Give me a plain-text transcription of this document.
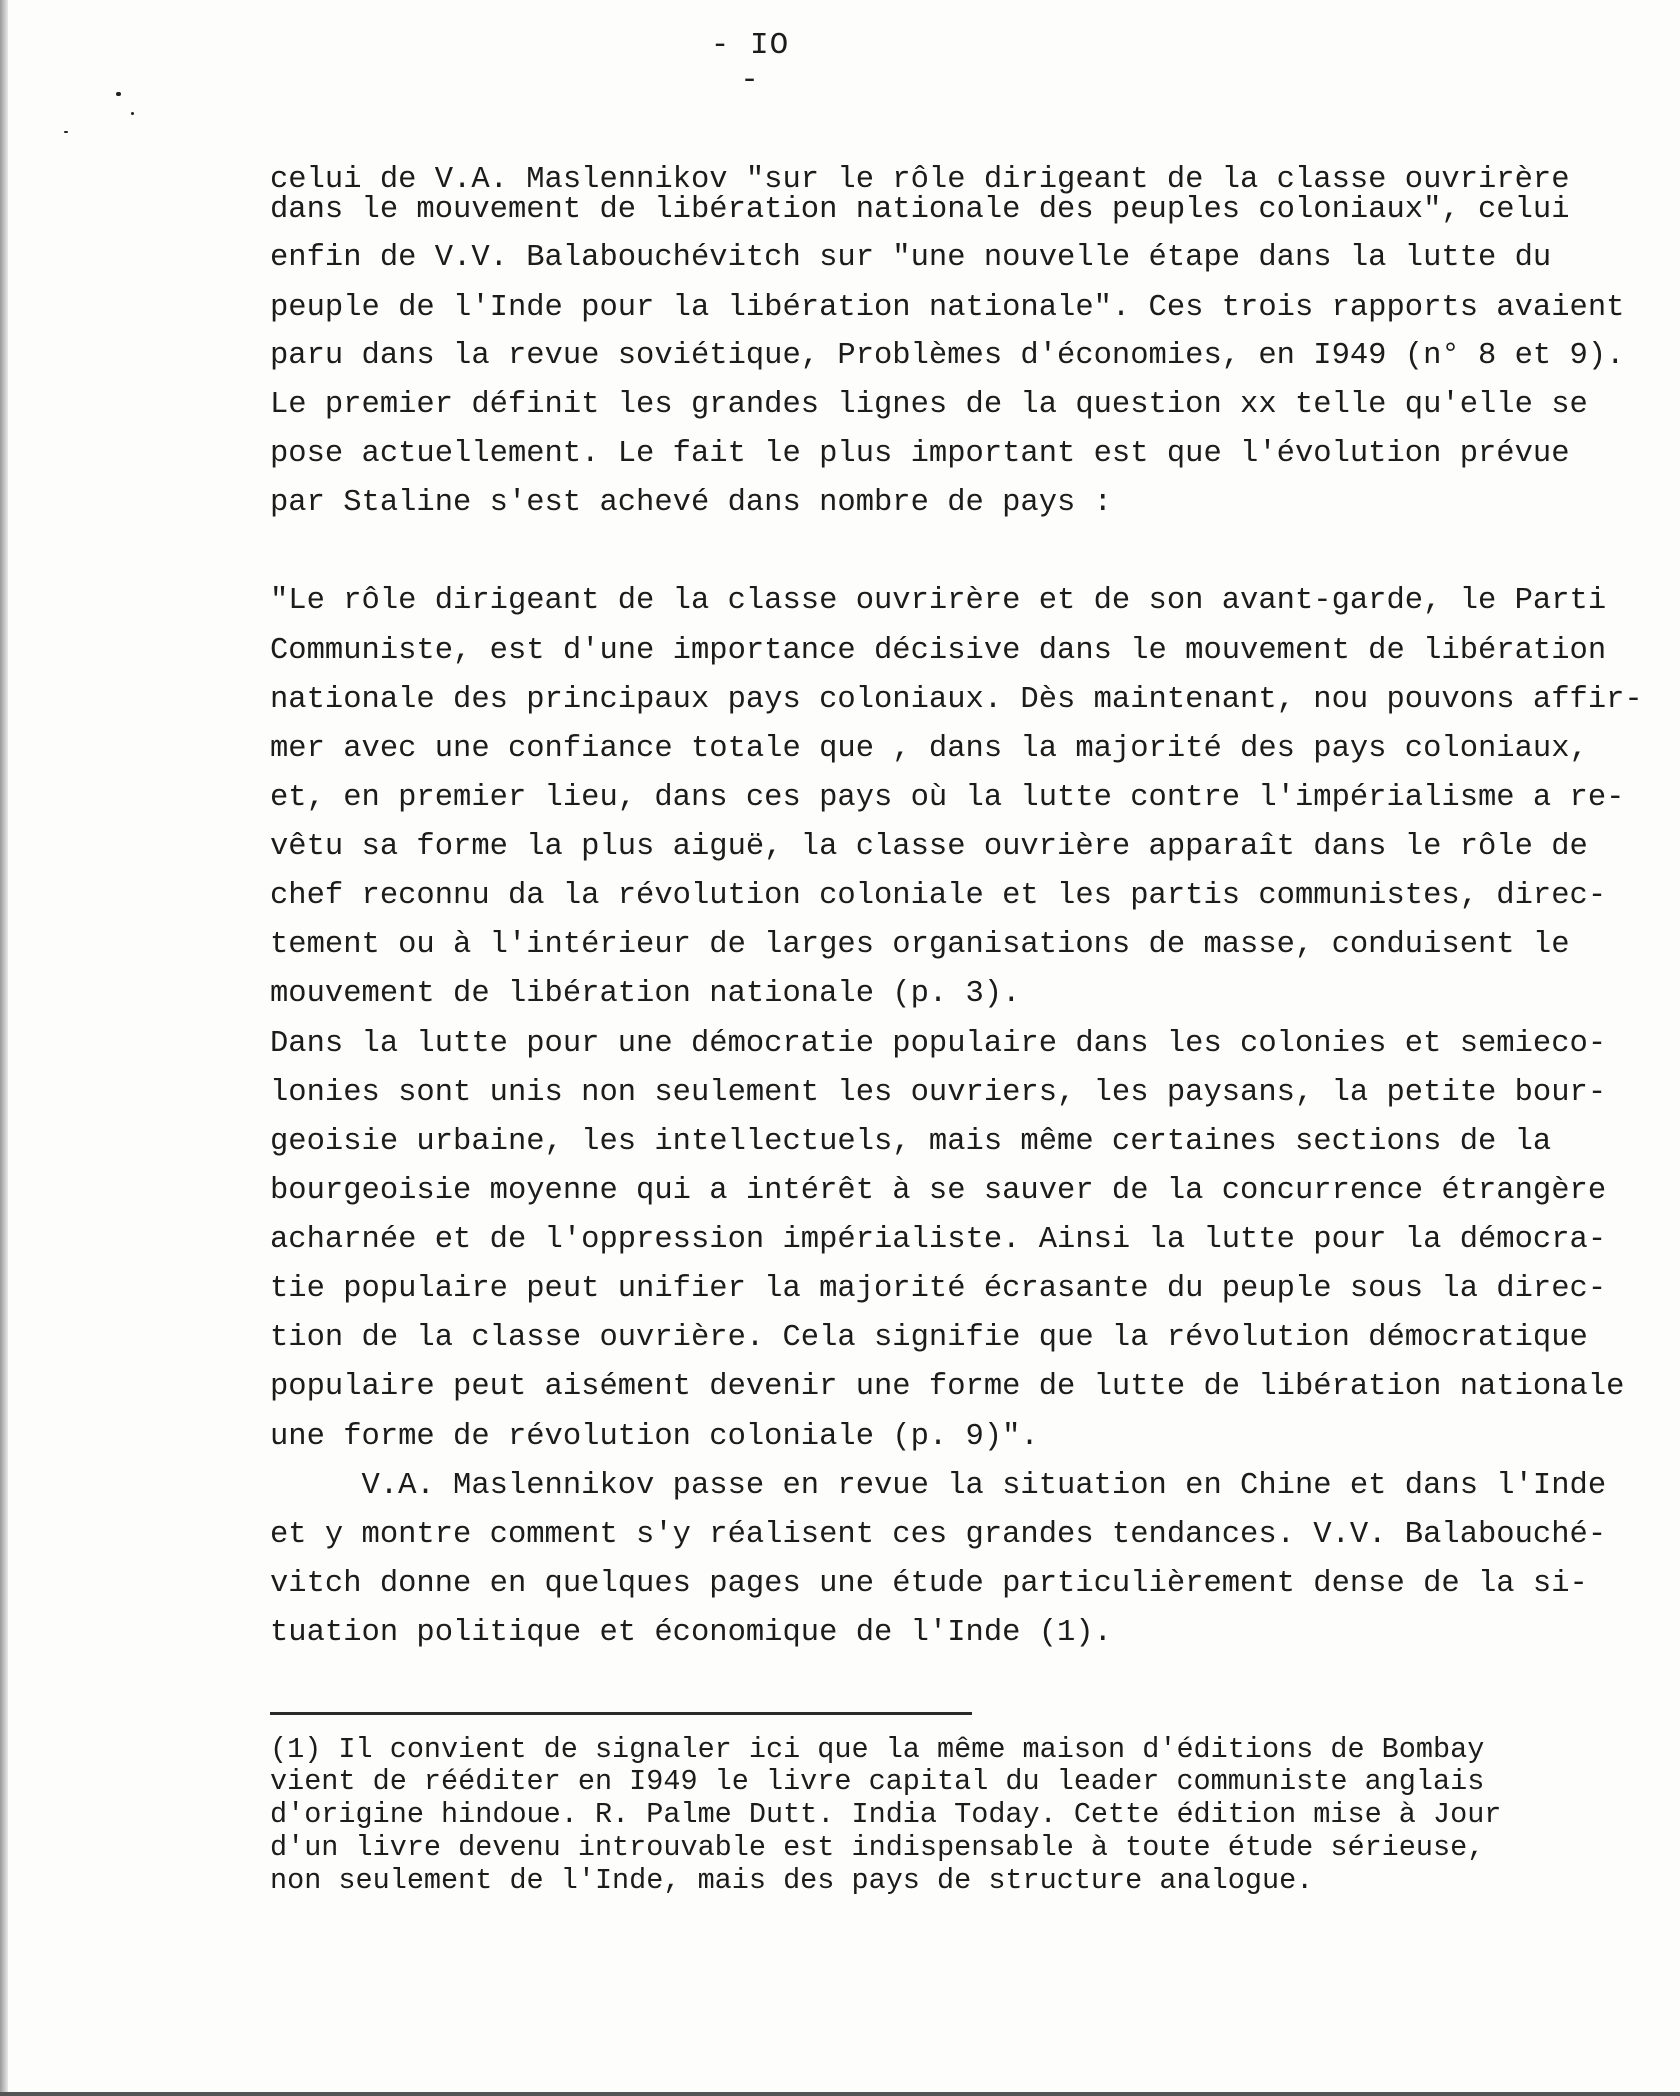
- IO -
celui de V.A. Maslennikov "sur le rôle dirigeant de la classe ouvrirère
dans le mouvement de libération nationale des peuples coloniaux", celui
enfin de V.V. Balabouchévitch sur "une nouvelle étape dans la lutte du
peuple de l'Inde pour la libération nationale". Ces trois rapports avaient
paru dans la revue soviétique, Problèmes d'économies, en I949 (n° 8 et 9).
Le premier définit les grandes lignes de la question xx telle qu'elle se
pose actuellement. Le fait le plus important est que l'évolution prévue
par Staline s'est achevé dans nombre de pays :
"Le rôle dirigeant de la classe ouvrirère et de son avant-garde, le Parti
Communiste, est d'une importance décisive dans le mouvement de libération
nationale des principaux pays coloniaux. Dès maintenant, nou pouvons affir-
mer avec une confiance totale que , dans la majorité des pays coloniaux,
et, en premier lieu, dans ces pays où la lutte contre l'impérialisme a re-
vêtu sa forme la plus aiguë, la classe ouvrière apparaît dans le rôle de
chef reconnu da la révolution coloniale et les partis communistes, direc-
tement ou à l'intérieur de larges organisations de masse, conduisent le
mouvement de libération nationale (p. 3).
Dans la lutte pour une démocratie populaire dans les colonies et semieco-
lonies sont unis non seulement les ouvriers, les paysans, la petite bour-
geoisie urbaine, les intellectuels, mais même certaines sections de la
bourgeoisie moyenne qui a intérêt à se sauver de la concurrence étrangère
acharnée et de l'oppression impérialiste. Ainsi la lutte pour la démocra-
tie populaire peut unifier la majorité écrasante du peuple sous la direc-
tion de la classe ouvrière. Cela signifie que la révolution démocratique
populaire peut aisément devenir une forme de lutte de libération nationale
une forme de révolution coloniale (p. 9)".
V.A. Maslennikov passe en revue la situation en Chine et dans l'Inde
et y montre comment s'y réalisent ces grandes tendances. V.V. Balabouché-
vitch donne en quelques pages une étude particulièrement dense de la si-
tuation politique et économique de l'Inde (1).
(1) Il convient de signaler ici que la même maison d'éditions de Bombay
vient de rééditer en I949 le livre capital du leader communiste anglais
d'origine hindoue. R. Palme Dutt. India Today. Cette édition mise à Jour
d'un livre devenu introuvable est indispensable à toute étude sérieuse,
non seulement de l'Inde, mais des pays de structure analogue.
